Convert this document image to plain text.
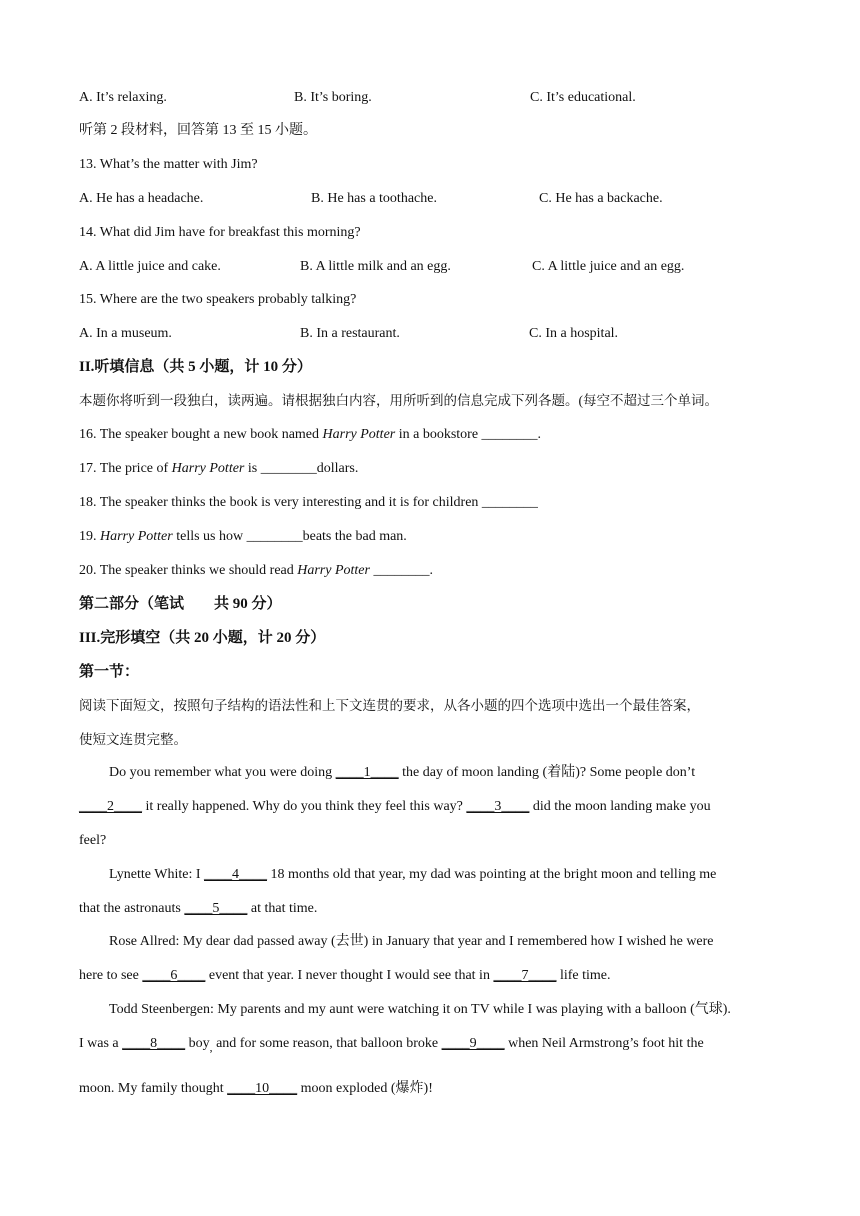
A. It’s relaxing.	B. It’s boring.	C. It’s educational.
听第 2 段材料，回答第 13 至 15 小题。
13. What’s the matter with Jim?
A. He has a headache.	B. He has a toothache.	C. He has a backache.
14. What did Jim have for breakfast this morning?
A. A little juice and cake.	B. A little milk and an egg.	C. A little juice and an egg.
15. Where are the two speakers probably talking?
A. In a museum.	B. In a restaurant.	C. In a hospital.
II.听填信息（共 5 小题，计 10 分）
本题你将听到一段独白，读两遍。请根据独白内容，用所听到的信息完成下列各题。(每空不超过三个单词。
16. The speaker bought a new book named Harry Potter in a bookstore ________.
17. The price of Harry Potter is ________dollars.
18. The speaker thinks the book is very interesting and it is for children ________
19. Harry Potter tells us how ________beats the bad man.
20. The speaker thinks we should read Harry Potter ________.
第二部分（笔试　　共 90 分）
III.完形填空（共 20 小题，计 20 分）
第一节：
阅读下面短文，按照句子结构的语法性和上下文连贯的要求，从各小题的四个选项中选出一个最佳答案，
使短文连贯完整。
Do you remember what you were doing ____1____ the day of moon landing (着陆)? Some people don’t
____2____ it really happened. Why do you think they feel this way? ____3____ did the moon landing make you
feel?
Lynette White: I ____4____ 18 months old that year, my dad was pointing at the bright moon and telling me
that the astronauts ____5____ at that time.
Rose Allred: My dear dad passed away (去世) in January that year and I remembered how I wished he were
here to see ____6____ event that year. I never thought I would see that in ____7____ life time.
Todd Steenbergen: My parents and my aunt were watching it on TV while I was playing with a balloon (气球).
I was a ____8____ boy$_,$ and for some reason, that balloon broke ____9____ when Neil Armstrong’s foot hit the
moon. My family thought ____10____ moon exploded (爆炸)!
